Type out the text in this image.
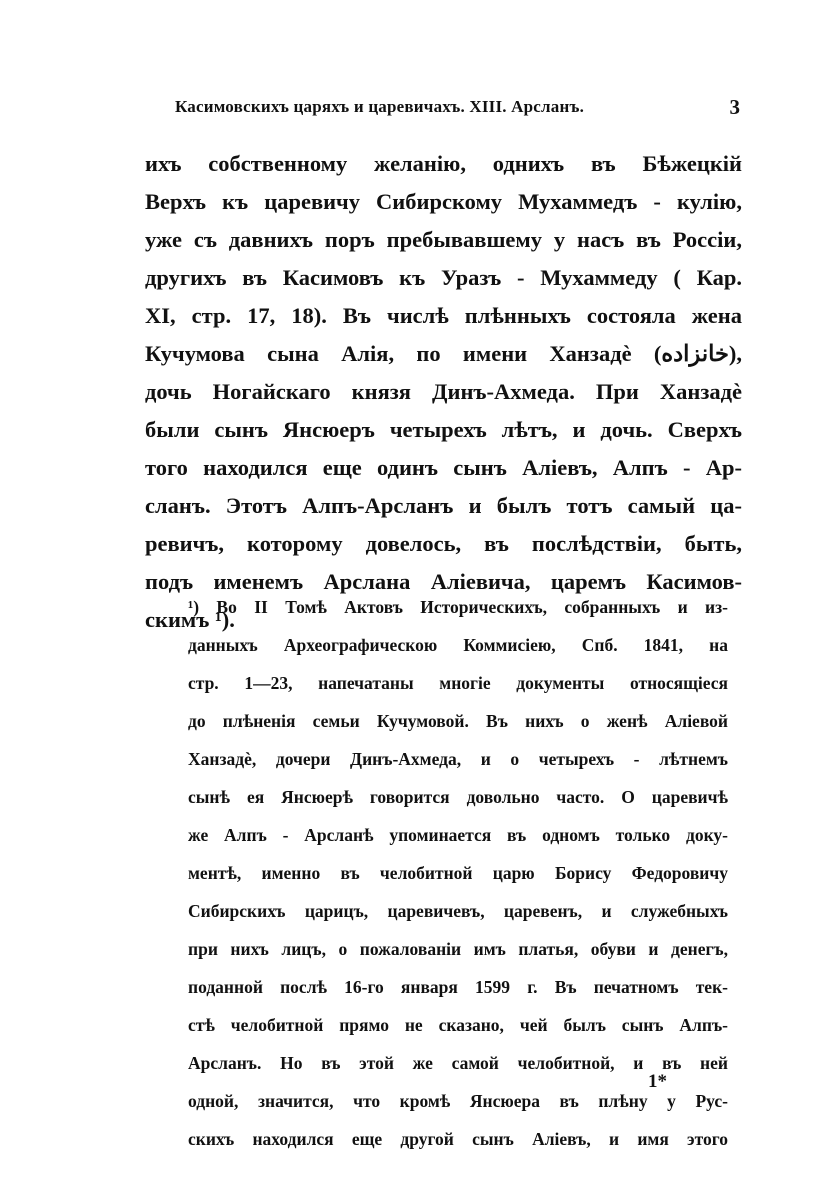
Касимовскихъ царяхъ и царевичахъ. XIII. Арсланъ.	3
ихъ собственному желанію, однихъ въ Бѣжецкій
Верхъ къ царевичу Сибирскому Мухаммедъ - кулію,
уже съ давнихъ поръ пребывавшему у насъ въ Россіи,
другихъ въ Касимовъ къ Уразъ - Мухаммеду ( Кар.
XI, стр. 17, 18). Въ числѣ плѣнныхъ состояла жена
Кучумова сына Алія, по имени Ханзадѐ (خانزاده),
дочь Ногайскаго князя Динъ-Ахмеда. При Ханзадѐ
были сынъ Янсюеръ четырехъ лѣтъ, и дочь. Сверхъ
того находился еще одинъ сынъ Алiевъ, Алпъ - Ар-
сланъ. Этотъ Алпъ-Арсланъ и былъ тотъ самый ца-
ревичъ, которому довелось, въ послѣдствіи, быть,
подъ именемъ Арслана Алiевича, царемъ Касимов-
скимъ ¹).
¹) Во II Томѣ Актовъ Историческихъ, собранныхъ и из-
данныхъ Археографическою Коммисіею, Спб. 1841, на
стр. 1—23, напечатаны многіе документы относящіеся
до плѣненія семьи Кучумовой. Въ нихъ о женѣ Алiевой
Ханзадѐ, дочери Динъ-Ахмеда, и о четырехъ - лѣтнемъ
сынѣ ея Янсюерѣ говорится довольно часто. О царевичѣ
же Алпъ - Арсланѣ упоминается въ одномъ только доку-
ментѣ, именно въ челобитной царю Борису Федоровичу
Сибирскихъ царицъ, царевичевъ, царевенъ, и служебныхъ
при нихъ лицъ, о пожалованіи имъ платья, обуви и денегъ,
поданной послѣ 16-го января 1599 г. Въ печатномъ тек-
стѣ челобитной прямо не сказано, чей былъ сынъ Алпъ-
Арсланъ. Но въ этой же самой челобитной, и въ ней
одной, значится, что кромѣ Янсюера въ плѣну у Рус-
скихъ находился еще другой сынъ Алiевъ, и имя этого
1*
